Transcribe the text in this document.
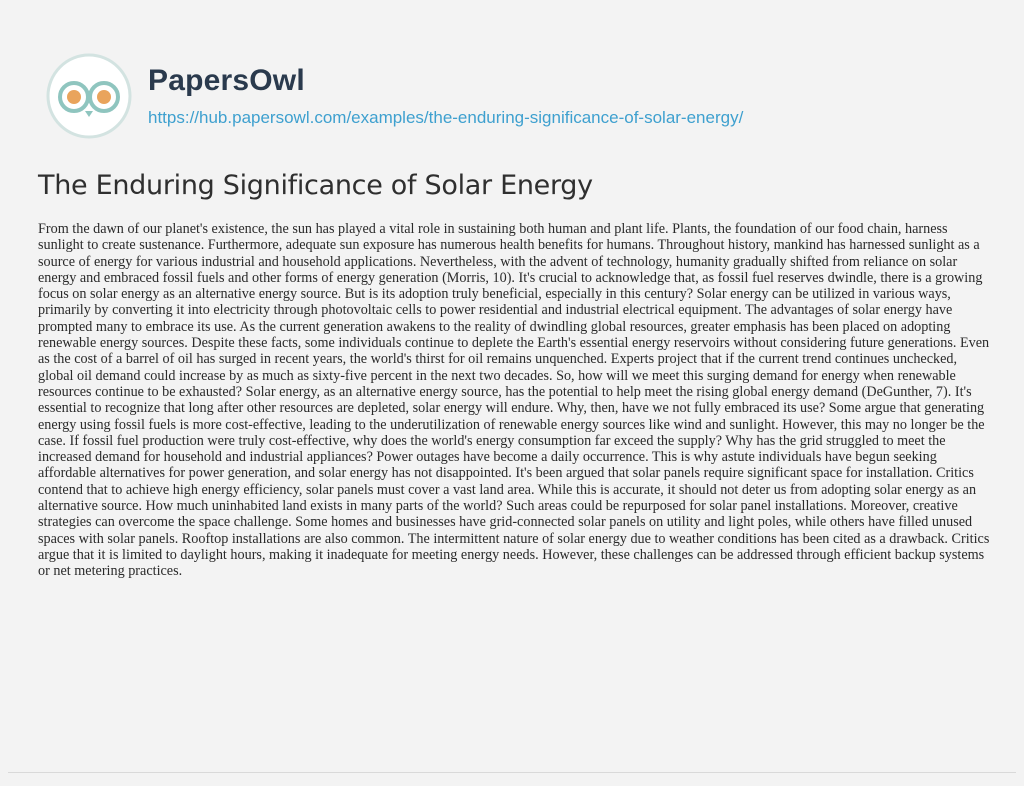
PapersOwl
https://hub.papersowl.com/examples/the-enduring-significance-of-solar-energy/
The Enduring Significance of Solar Energy

From the dawn of our planet's existence, the sun has played a vital role in sustaining both human and plant life. Plants, the foundation of our food chain, harness sunlight to create sustenance. Furthermore, adequate sun exposure has numerous health benefits for humans. Throughout history, mankind has harnessed sunlight as a source of energy for various industrial and household applications. Nevertheless, with the advent of technology, humanity gradually shifted from reliance on solar energy and embraced fossil fuels and other forms of energy generation (Morris, 10). It's crucial to acknowledge that, as fossil fuel reserves dwindle, there is a growing focus on solar energy as an alternative energy source. But is its adoption truly beneficial, especially in this century? Solar energy can be utilized in various ways, primarily by converting it into electricity through photovoltaic cells to power residential and industrial electrical equipment. The advantages of solar energy have prompted many to embrace its use. As the current generation awakens to the reality of dwindling global resources, greater emphasis has been placed on adopting renewable energy sources. Despite these facts, some individuals continue to deplete the Earth's essential energy reservoirs without considering future generations. Even as the cost of a barrel of oil has surged in recent years, the world's thirst for oil remains unquenched. Experts project that if the current trend continues unchecked, global oil demand could increase by as much as sixty-five percent in the next two decades. So, how will we meet this surging demand for energy when renewable resources continue to be exhausted? Solar energy, as an alternative energy source, has the potential to help meet the rising global energy demand (DeGunther, 7). It's essential to recognize that long after other resources are depleted, solar energy will endure. Why, then, have we not fully embraced its use? Some argue that generating energy using fossil fuels is more cost-effective, leading to the underutilization of renewable energy sources like wind and sunlight. However, this may no longer be the case. If fossil fuel production were truly cost-effective, why does the world's energy consumption far exceed the supply? Why has the grid struggled to meet the increased demand for household and industrial appliances? Power outages have become a daily occurrence. This is why astute individuals have begun seeking affordable alternatives for power generation, and solar energy has not disappointed. It's been argued that solar panels require significant space for installation. Critics contend that to achieve high energy efficiency, solar panels must cover a vast land area. While this is accurate, it should not deter us from adopting solar energy as an alternative source. How much uninhabited land exists in many parts of the world? Such areas could be repurposed for solar panel installations. Moreover, creative strategies can overcome the space challenge. Some homes and businesses have grid-connected solar panels on utility and light poles, while others have filled unused spaces with solar panels. Rooftop installations are also common. The intermittent nature of solar energy due to weather conditions has been cited as a drawback. Critics argue that it is limited to daylight hours, making it inadequate for meeting energy needs. However, these challenges can be addressed through efficient backup systems or net metering practices.
